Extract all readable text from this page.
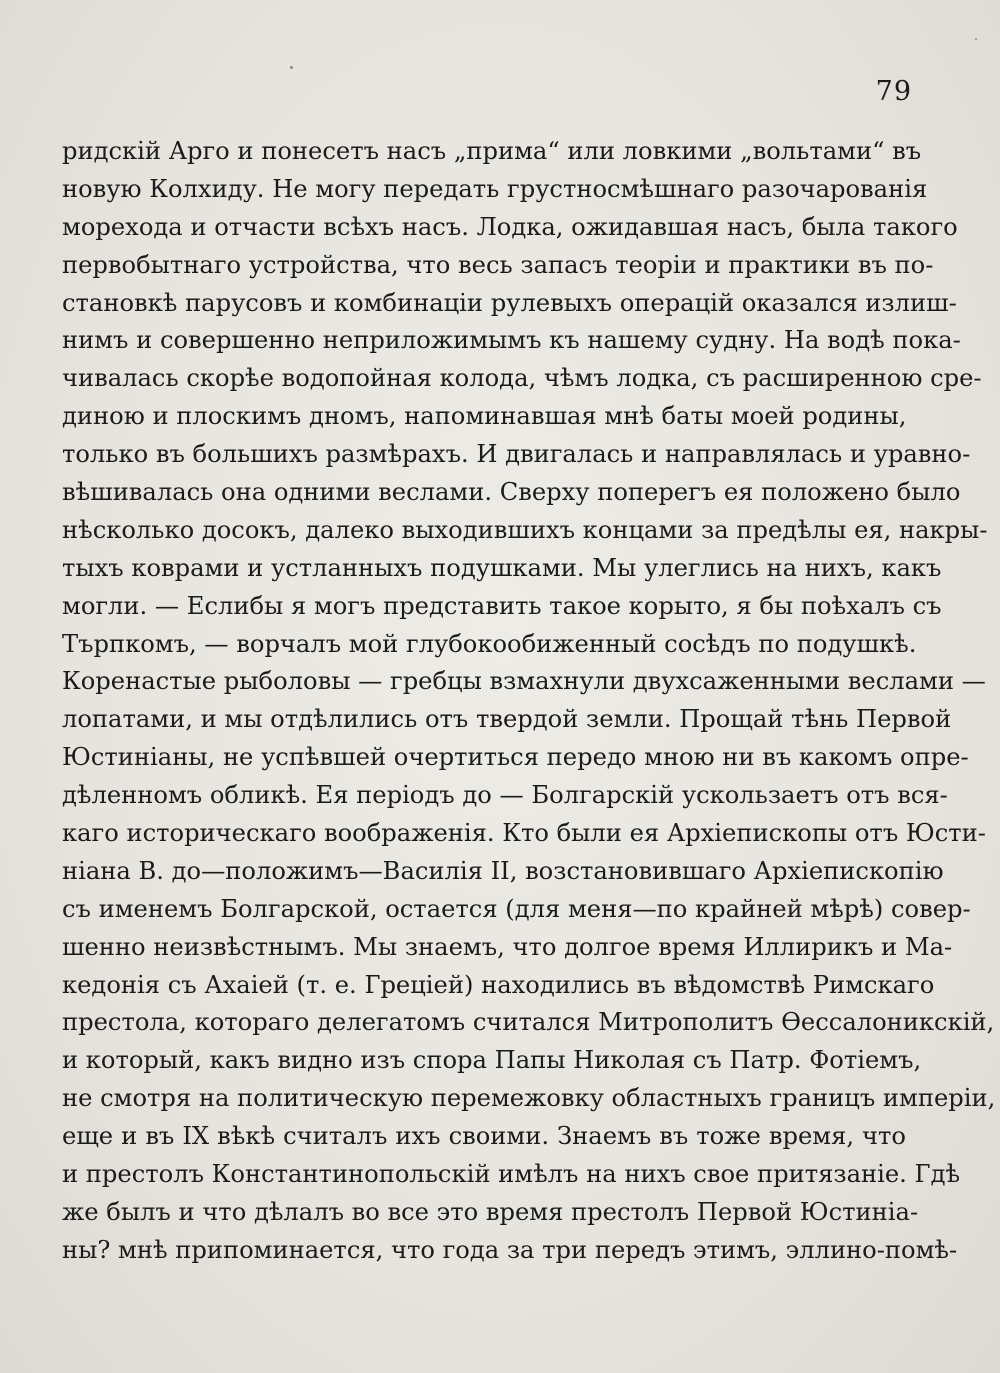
79
ридскій Арго и понесетъ насъ „прима“ или ловкими „вольтами“ въ
новую Колхиду. Не могу передать грустносмѣшнаго разочарованія
морехода и отчасти всѣхъ насъ. Лодка, ожидавшая насъ, была такого
первобытнаго устройства, что весь запасъ теоріи и практики въ по-
становкѣ парусовъ и комбинаціи рулевыхъ операцій оказался излиш-
нимъ и совершенно неприложимымъ къ нашему судну. На водѣ пока-
чивалась скорѣе водопойная колода, чѣмъ лодка, съ расширенною сре-
диною и плоскимъ дномъ, напоминавшая мнѣ баты моей родины,
только въ большихъ размѣрахъ. И двигалась и направлялась и уравно-
вѣшивалась она одними веслами. Сверху поперегъ ея положено было
нѣсколько досокъ, далеко выходившихъ концами за предѣлы ея, накры-
тыхъ коврами и устланныхъ подушками. Мы улеглись на нихъ, какъ
могли. — Еслибы я могъ представить такое корыто, я бы поѣхалъ съ
Търпкомъ, — ворчалъ мой глубокообиженный сосѣдъ по подушкѣ.
Коренастые рыболовы — гребцы взмахнули двухсаженными веслами —
лопатами, и мы отдѣлились отъ твердой земли. Прощай тѣнь Первой
Юстиніаны, не успѣвшей очертиться передо мною ни въ какомъ опре-
дѣленномъ обликѣ. Ея періодъ до — Болгарскій ускользаетъ отъ вся-
каго историческаго воображенія. Кто были ея Архіепископы отъ Юсти-
ніана В. до—положимъ—Василія II, возстановившаго Архіепископію
съ именемъ Болгарской, остается (для меня—по крайней мѣрѣ) совер-
шенно неизвѣстнымъ. Мы знаемъ, что долгое время Иллирикъ и Ма-
кедонія съ Ахаіей (т. е. Греціей) находились въ вѣдомствѣ Римскаго
престола, котораго делегатомъ считался Митрополитъ Ѳессалоникскій,
и который, какъ видно изъ спора Папы Николая съ Патр. Фотіемъ,
не смотря на политическую перемежовку областныхъ границъ имперіи,
еще и въ IX вѣкѣ считалъ ихъ своими. Знаемъ въ тоже время, что
и престолъ Константинопольскій имѣлъ на нихъ свое притязаніе. Гдѣ
же былъ и что дѣлалъ во все это время престолъ Первой Юстиніа-
ны? мнѣ припоминается, что года за три передъ этимъ, эллино-помѣ-
